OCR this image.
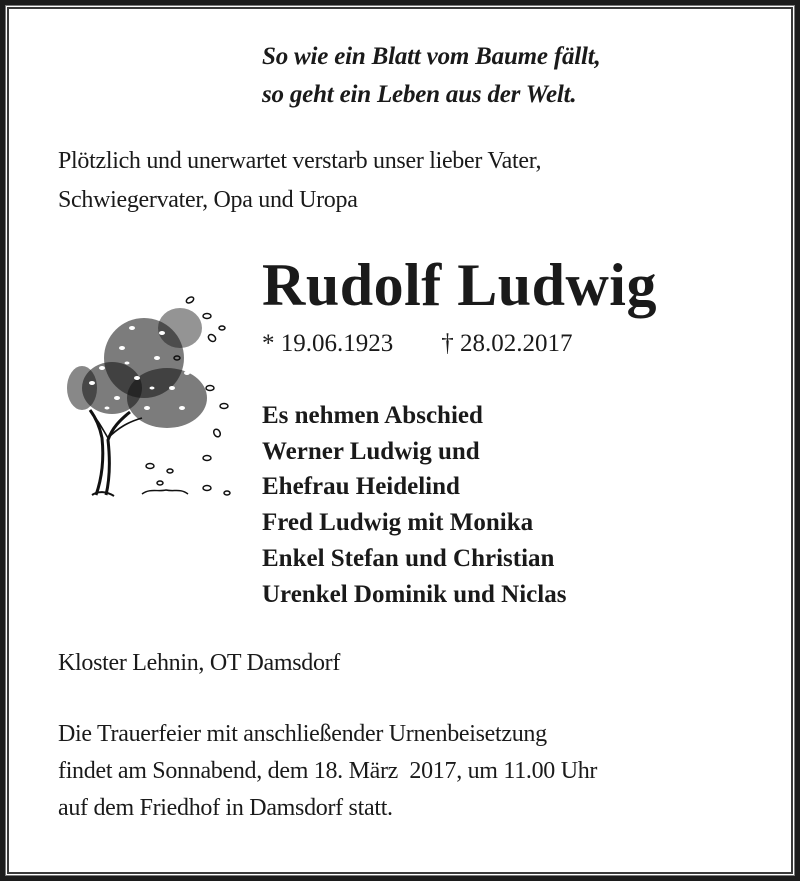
So wie ein Blatt vom Baume fällt,
so geht ein Leben aus der Welt.
Plötzlich und unerwartet verstarb unser lieber Vater,
Schwiegervater, Opa und Uropa
Rudolf Ludwig
* 19.06.1923 † 28.02.2017
Es nehmen Abschied
Werner Ludwig und
Ehefrau Heidelind
Fred Ludwig mit Monika
Enkel Stefan und Christian
Urenkel Dominik und Niclas
Kloster Lehnin, OT Damsdorf
Die Trauerfeier mit anschließender Urnenbeisetzung
findet am Sonnabend, dem 18. März  2017, um 11.00 Uhr
auf dem Friedhof in Damsdorf statt.
